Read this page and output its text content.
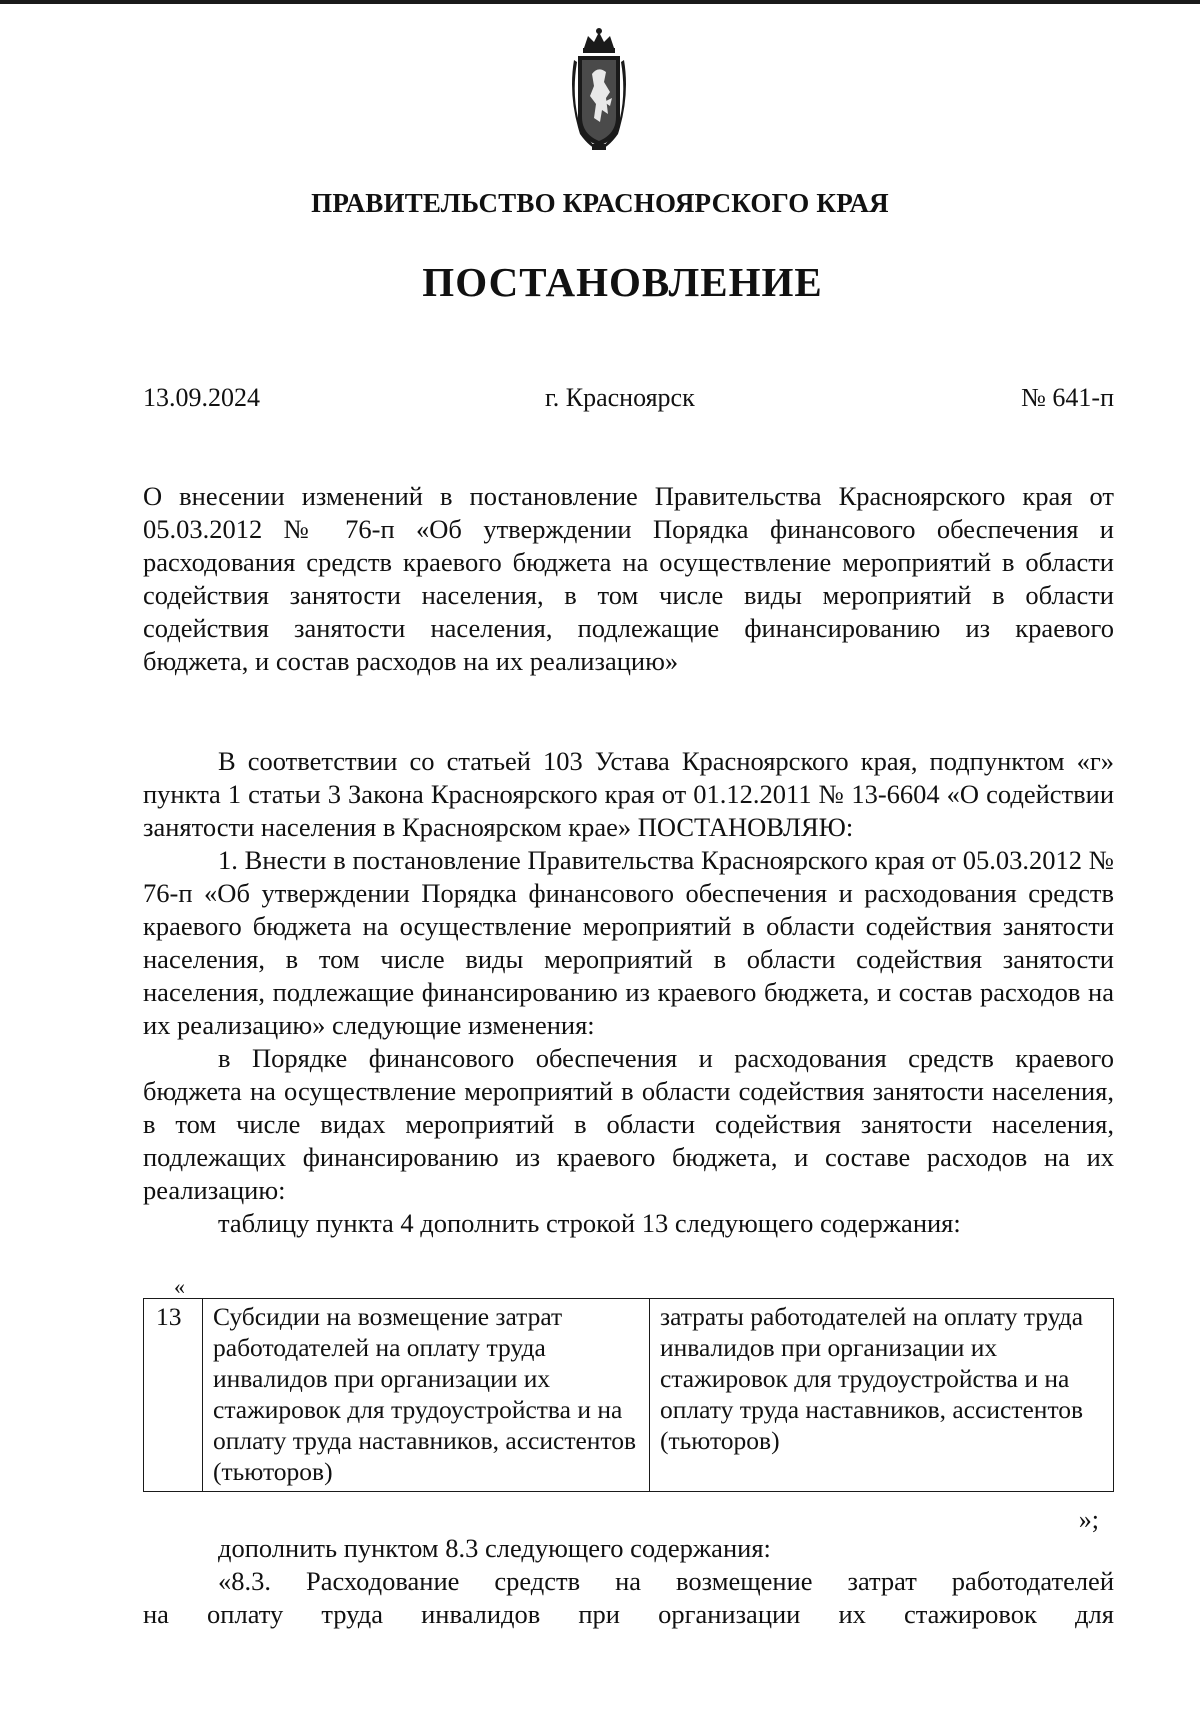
ПРАВИТЕЛЬСТВО КРАСНОЯРСКОГО КРАЯ
ПОСТАНОВЛЕНИЕ
13.09.2024	г. Красноярск	№ 641-п

О внесении изменений в постановление Правительства Красноярского края от 05.03.2012 № 76-п «Об утверждении Порядка финансового обеспечения и расходования средств краевого бюджета на осуществление мероприятий в области содействия занятости населения, в том числе виды мероприятий в области содействия занятости населения, подлежащие финансированию из краевого бюджета, и состав расходов на их реализацию»

В соответствии со статьей 103 Устава Красноярского края, подпунктом «г» пункта 1 статьи 3 Закона Красноярского края от 01.12.2011 № 13-6604 «О содействии занятости населения в Красноярском крае» ПОСТАНОВЛЯЮ:

1. Внести в постановление Правительства Красноярского края от 05.03.2012 № 76-п «Об утверждении Порядка финансового обеспечения и расходования средств краевого бюджета на осуществление мероприятий в области содействия занятости населения, в том числе виды мероприятий в области содействия занятости населения, подлежащие финансированию из краевого бюджета, и состав расходов на их реализацию» следующие изменения:

в Порядке финансового обеспечения и расходования средств краевого бюджета на осуществление мероприятий в области содействия занятости населения, в том числе видах мероприятий в области содействия занятости населения, подлежащих финансированию из краевого бюджета, и составе расходов на их реализацию:

таблицу пункта 4 дополнить строкой 13 следующего содержания:

«
13	Субсидии на возмещение затрат работодателей на оплату труда инвалидов при организации их стажировок для трудоустройства и на оплату труда наставников, ассистентов (тьюторов)	затраты работодателей на оплату труда инвалидов при организации их стажировок для трудоустройства и на оплату труда наставников, ассистентов (тьюторов)
»;

дополнить пунктом 8.3 следующего содержания:

«8.3. Расходование средств на возмещение затрат работодателей

на оплату труда инвалидов при организации их стажировок для
